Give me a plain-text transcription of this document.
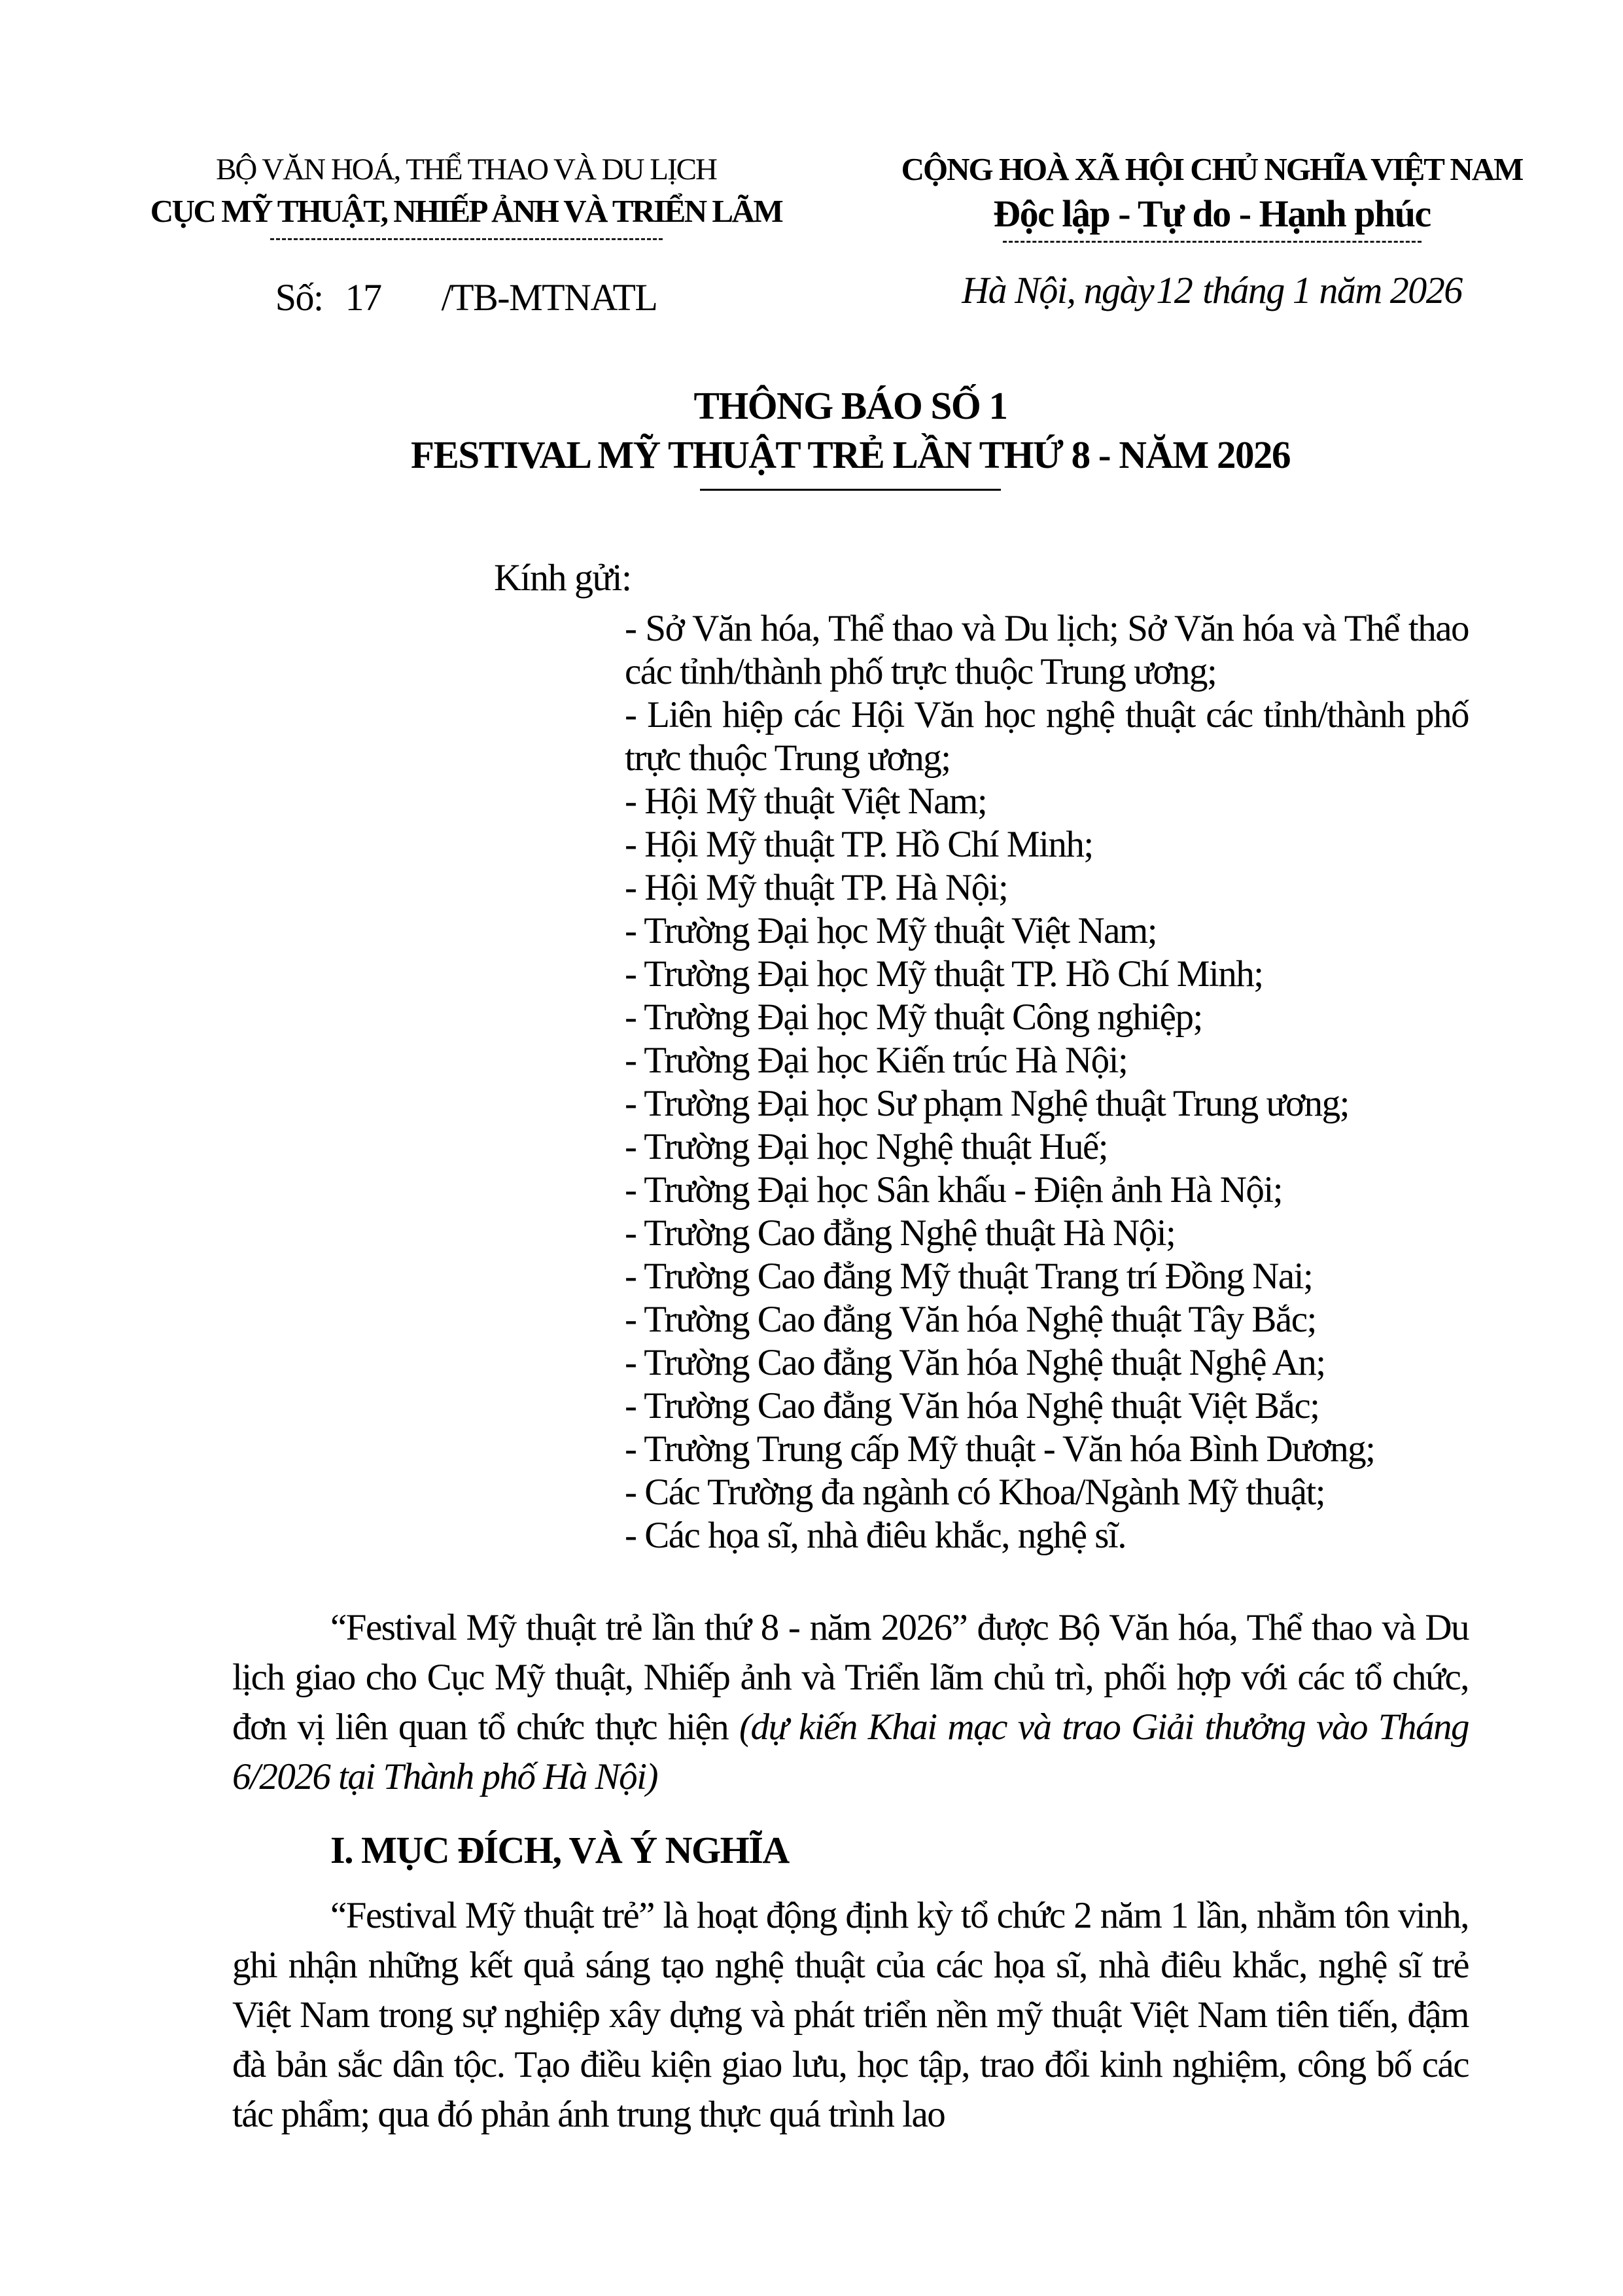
BỘ VĂN HOÁ, THỂ THAO VÀ DU LỊCH
CỤC MỸ THUẬT, NHIẾP ẢNH VÀ TRIỂN LÃM
Số: 17 /TB-MTNATL
CỘNG HOÀ XÃ HỘI CHỦ NGHĨA VIỆT NAM
Độc lập - Tự do - Hạnh phúc
Hà Nội, ngày12 tháng 1 năm 2026
THÔNG BÁO SỐ 1
FESTIVAL MỸ THUẬT TRẺ LẦN THỨ 8 - NĂM 2026
Kính gửi:
- Sở Văn hóa, Thể thao và Du lịch; Sở Văn hóa và Thể thao các tỉnh/thành phố trực thuộc Trung ương;
- Liên hiệp các Hội Văn học nghệ thuật các tỉnh/thành phố trực thuộc Trung ương;
- Hội Mỹ thuật Việt Nam;
- Hội Mỹ thuật TP. Hồ Chí Minh;
- Hội Mỹ thuật TP. Hà Nội;
- Trường Đại học Mỹ thuật Việt Nam;
- Trường Đại học Mỹ thuật TP. Hồ Chí Minh;
- Trường Đại học Mỹ thuật Công nghiệp;
- Trường Đại học Kiến trúc Hà Nội;
- Trường Đại học Sư phạm Nghệ thuật Trung ương;
- Trường Đại học Nghệ thuật Huế;
- Trường Đại học Sân khấu - Điện ảnh Hà Nội;
- Trường Cao đẳng Nghệ thuật Hà Nội;
- Trường Cao đẳng Mỹ thuật Trang trí Đồng Nai;
- Trường Cao đẳng Văn hóa Nghệ thuật Tây Bắc;
- Trường Cao đẳng Văn hóa Nghệ thuật Nghệ An;
- Trường Cao đẳng Văn hóa Nghệ thuật Việt Bắc;
- Trường Trung cấp Mỹ thuật - Văn hóa Bình Dương;
- Các Trường đa ngành có Khoa/Ngành Mỹ thuật;
- Các họa sĩ, nhà điêu khắc, nghệ sĩ.

“Festival Mỹ thuật trẻ lần thứ 8 - năm 2026” được Bộ Văn hóa, Thể thao và Du lịch giao cho Cục Mỹ thuật, Nhiếp ảnh và Triển lãm chủ trì, phối hợp với các tổ chức, đơn vị liên quan tổ chức thực hiện (dự kiến Khai mạc và trao Giải thưởng vào Tháng 6/2026 tại Thành phố Hà Nội)

I. MỤC ĐÍCH, VÀ Ý NGHĨA

“Festival Mỹ thuật trẻ” là hoạt động định kỳ tổ chức 2 năm 1 lần, nhằm tôn vinh, ghi nhận những kết quả sáng tạo nghệ thuật của các họa sĩ, nhà điêu khắc, nghệ sĩ trẻ Việt Nam trong sự nghiệp xây dựng và phát triển nền mỹ thuật Việt Nam tiên tiến, đậm đà bản sắc dân tộc. Tạo điều kiện giao lưu, học tập, trao đổi kinh nghiệm, công bố các tác phẩm; qua đó phản ánh trung thực quá trình lao
